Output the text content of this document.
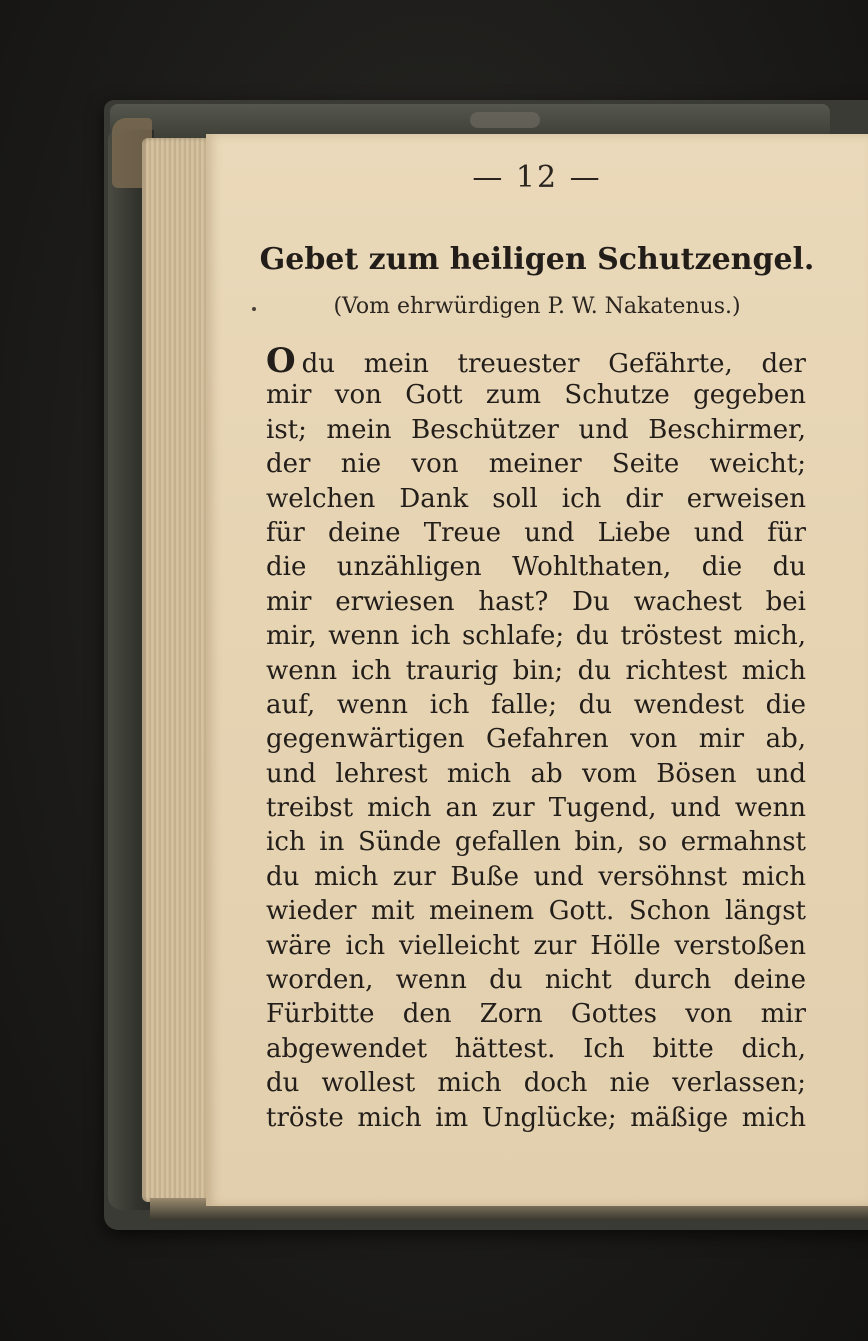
— 12 —

Gebet zum heiligen Schutzengel.

(Vom ehrwürdigen P. W. Nakatenus.)

O du mein treuester Gefährte, der
mir von Gott zum Schutze gegeben
ist; mein Beschützer und Beschirmer,
der nie von meiner Seite weicht;
welchen Dank soll ich dir erweisen
für deine Treue und Liebe und für
die unzähligen Wohlthaten, die du
mir erwiesen hast? Du wachest bei
mir, wenn ich schlafe; du tröstest mich,
wenn ich traurig bin; du richtest mich
auf, wenn ich falle; du wendest die
gegenwärtigen Gefahren von mir ab,
und lehrest mich ab vom Bösen und
treibst mich an zur Tugend, und wenn
ich in Sünde gefallen bin, so ermahnst
du mich zur Buße und versöhnst mich
wieder mit meinem Gott. Schon längst
wäre ich vielleicht zur Hölle verstoßen
worden, wenn du nicht durch deine
Fürbitte den Zorn Gottes von mir
abgewendet hättest. Ich bitte dich,
du wollest mich doch nie verlassen;
tröste mich im Unglücke; mäßige mich
